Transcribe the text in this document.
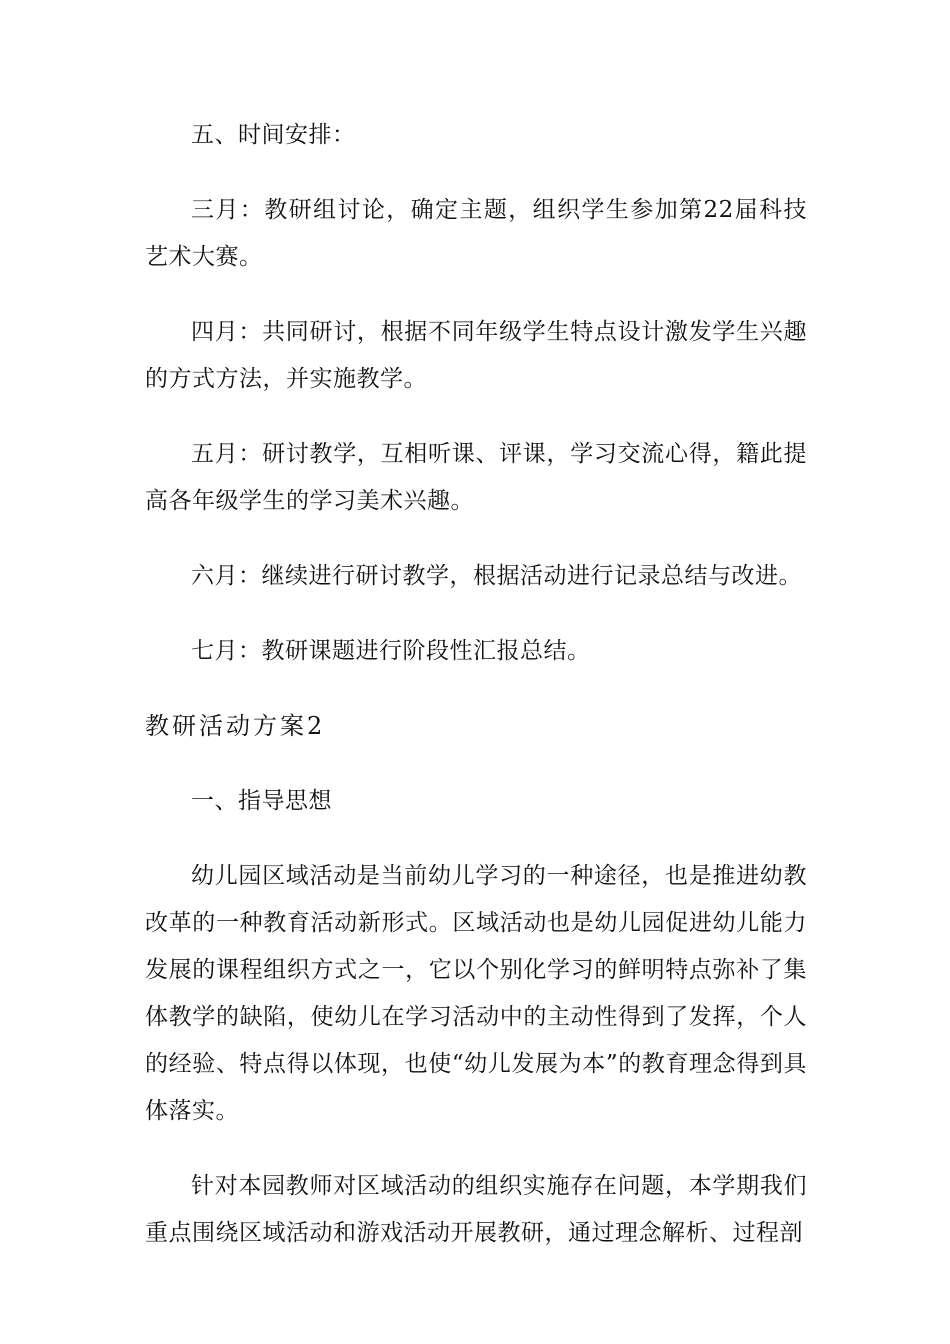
五、时间安排：

三月：教研组讨论，确定主题，组织学生参加第22届科技艺术大赛。

四月：共同研讨，根据不同年级学生特点设计激发学生兴趣的方式方法，并实施教学。

五月：研讨教学，互相听课、评课，学习交流心得，籍此提高各年级学生的学习美术兴趣。

六月：继续进行研讨教学，根据活动进行记录总结与改进。

七月：教研课题进行阶段性汇报总结。

教研活动方案2

一、指导思想

幼儿园区域活动是当前幼儿学习的一种途径，也是推进幼教改革的一种教育活动新形式。区域活动也是幼儿园促进幼儿能力发展的课程组织方式之一，它以个别化学习的鲜明特点弥补了集体教学的缺陷，使幼儿在学习活动中的主动性得到了发挥，个人的经验、特点得以体现，也使“幼儿发展为本”的教育理念得到具体落实。

针对本园教师对区域活动的组织实施存在问题，本学期我们重点围绕区域活动和游戏活动开展教研，通过理念解析、过程剖
